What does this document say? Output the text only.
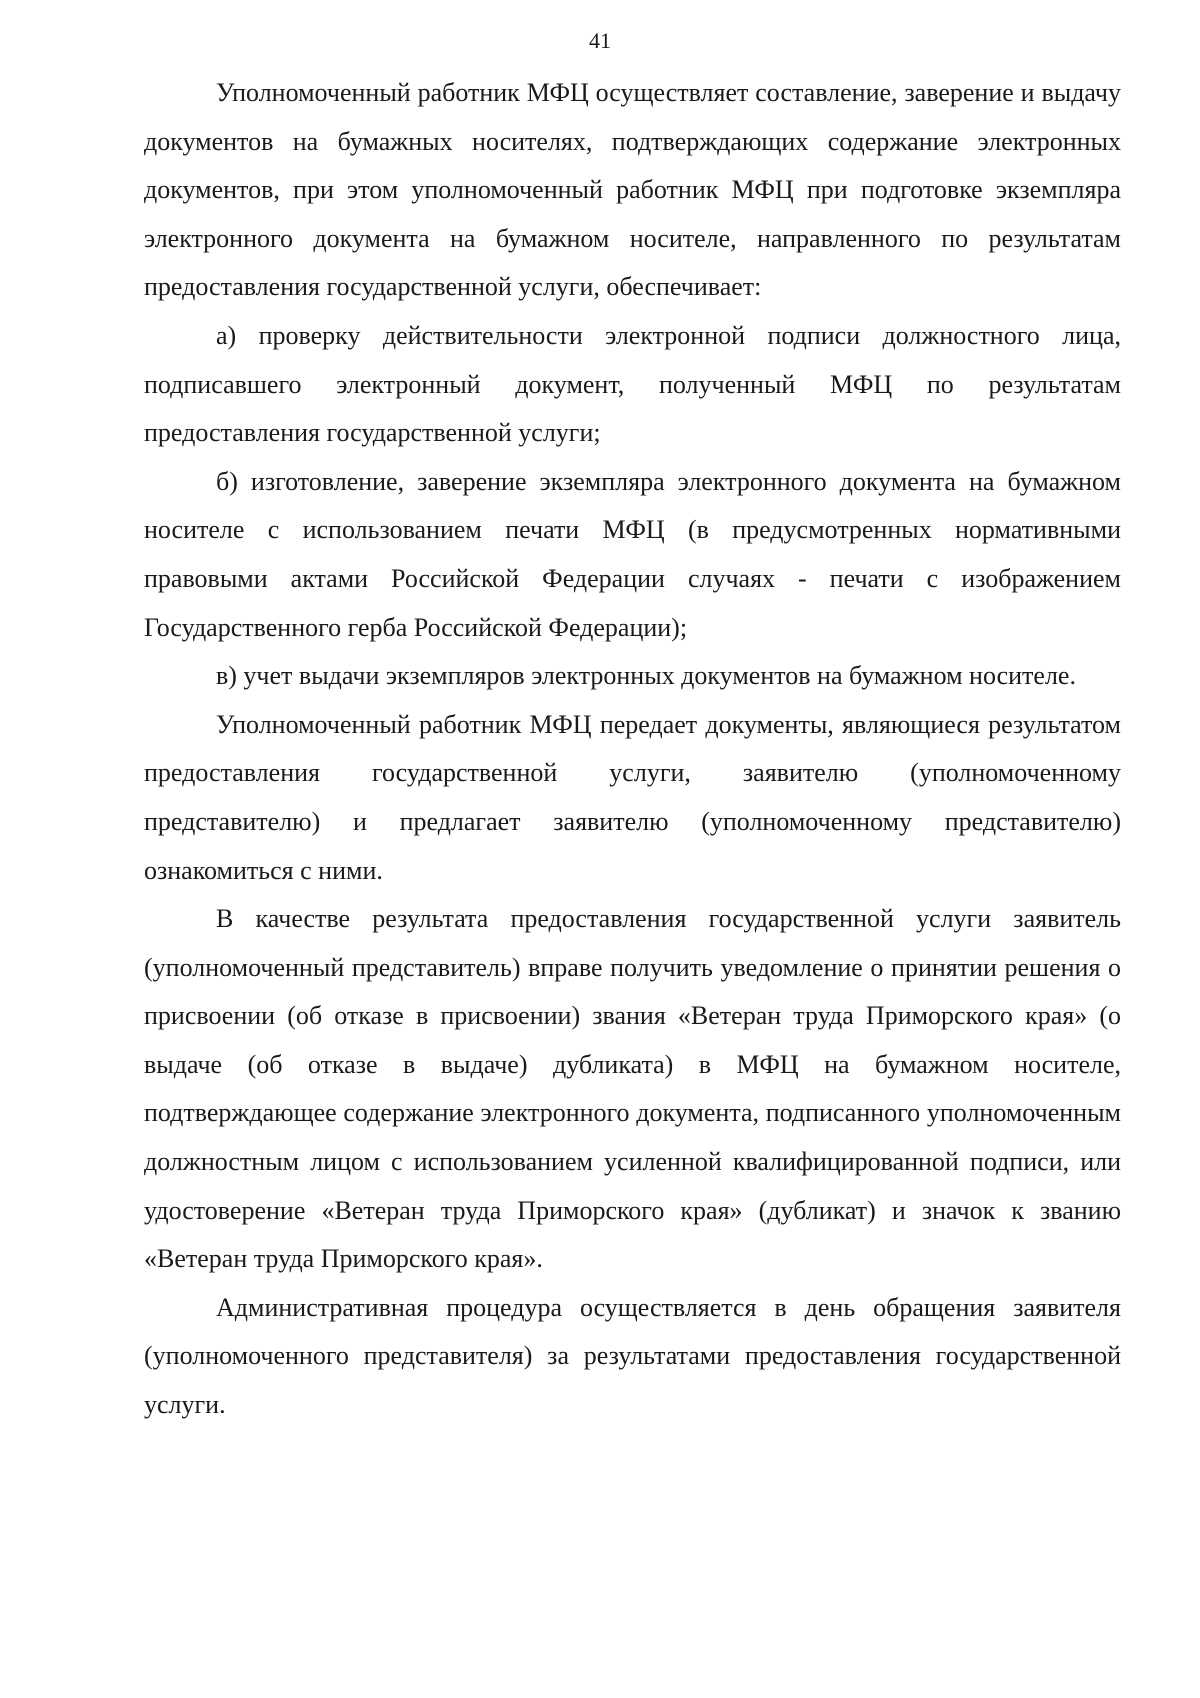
41

Уполномоченный работник МФЦ осуществляет составление, заверение и выдачу документов на бумажных носителях, подтверждающих содержание электронных документов, при этом уполномоченный работник МФЦ при подготовке экземпляра электронного документа на бумажном носителе, направленного по результатам предоставления государственной услуги, обеспечивает:

а) проверку действительности электронной подписи должностного лица, подписавшего электронный документ, полученный МФЦ по результатам предоставления государственной услуги;

б) изготовление, заверение экземпляра электронного документа на бумажном носителе с использованием печати МФЦ (в предусмотренных нормативными правовыми актами Российской Федерации случаях - печати с изображением Государственного герба Российской Федерации);

в) учет выдачи экземпляров электронных документов на бумажном носителе.

Уполномоченный работник МФЦ передает документы, являющиеся результатом предоставления государственной услуги, заявителю (уполномоченному представителю) и предлагает заявителю (уполномоченному представителю) ознакомиться с ними.

В качестве результата предоставления государственной услуги заявитель (уполномоченный представитель) вправе получить уведомление о принятии решения о присвоении (об отказе в присвоении) звания «Ветеран труда Приморского края» (о выдаче (об отказе в выдаче) дубликата) в МФЦ на бумажном носителе, подтверждающее содержание электронного документа, подписанного уполномоченным должностным лицом с использованием усиленной квалифицированной подписи, или удостоверение «Ветеран труда Приморского края» (дубликат) и значок к званию «Ветеран труда Приморского края».

Административная процедура осуществляется в день обращения заявителя (уполномоченного представителя) за результатами предоставления государственной услуги.
